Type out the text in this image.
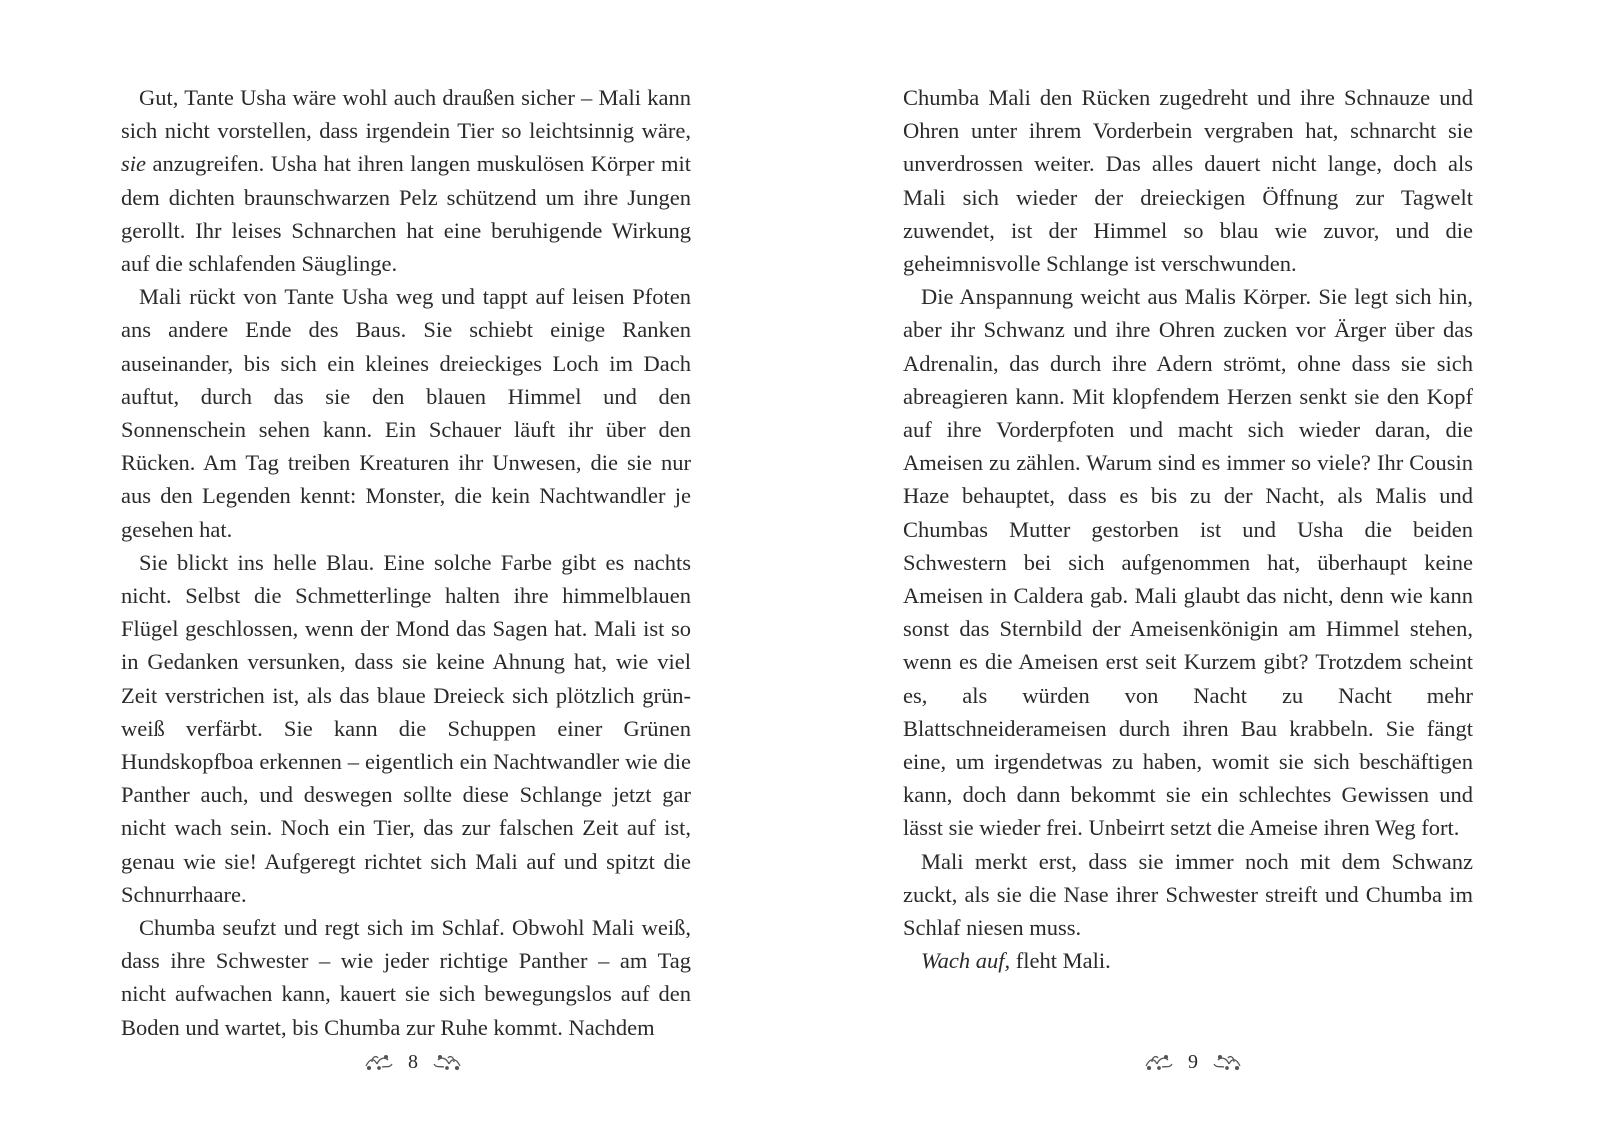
Gut, Tante Usha wäre wohl auch draußen sicher – Mali kann sich nicht vorstellen, dass irgendein Tier so leichtsinnig wäre, sie anzugreifen. Usha hat ihren langen muskulösen Körper mit dem dichten braunschwarzen Pelz schützend um ihre Jungen gerollt. Ihr leises Schnarchen hat eine beruhigende Wirkung auf die schlafenden Säuglinge.

Mali rückt von Tante Usha weg und tappt auf leisen Pfoten ans andere Ende des Baus. Sie schiebt einige Ranken auseinander, bis sich ein kleines dreieckiges Loch im Dach auftut, durch das sie den blauen Himmel und den Sonnenschein sehen kann. Ein Schauer läuft ihr über den Rücken. Am Tag treiben Kreaturen ihr Unwesen, die sie nur aus den Legenden kennt: Monster, die kein Nachtwandler je gesehen hat.

Sie blickt ins helle Blau. Eine solche Farbe gibt es nachts nicht. Selbst die Schmetterlinge halten ihre himmelblauen Flügel geschlossen, wenn der Mond das Sagen hat. Mali ist so in Gedanken versunken, dass sie keine Ahnung hat, wie viel Zeit verstrichen ist, als das blaue Dreieck sich plötzlich grün-weiß verfärbt. Sie kann die Schuppen einer Grünen Hundskopfboa erkennen – eigentlich ein Nachtwandler wie die Panther auch, und deswegen sollte diese Schlange jetzt gar nicht wach sein. Noch ein Tier, das zur falschen Zeit auf ist, genau wie sie! Aufgeregt richtet sich Mali auf und spitzt die Schnurrhaare.

Chumba seufzt und regt sich im Schlaf. Obwohl Mali weiß, dass ihre Schwester – wie jeder richtige Panther – am Tag nicht aufwachen kann, kauert sie sich bewegungslos auf den Boden und wartet, bis Chumba zur Ruhe kommt. Nachdem

Chumba Mali den Rücken zugedreht und ihre Schnauze und Ohren unter ihrem Vorderbein vergraben hat, schnarcht sie unverdrossen weiter. Das alles dauert nicht lange, doch als Mali sich wieder der dreieckigen Öffnung zur Tagwelt zuwendet, ist der Himmel so blau wie zuvor, und die geheimnisvolle Schlange ist verschwunden.

Die Anspannung weicht aus Malis Körper. Sie legt sich hin, aber ihr Schwanz und ihre Ohren zucken vor Ärger über das Adrenalin, das durch ihre Adern strömt, ohne dass sie sich abreagieren kann. Mit klopfendem Herzen senkt sie den Kopf auf ihre Vorderpfoten und macht sich wieder daran, die Ameisen zu zählen. Warum sind es immer so viele? Ihr Cousin Haze behauptet, dass es bis zu der Nacht, als Malis und Chumbas Mutter gestorben ist und Usha die beiden Schwestern bei sich aufgenommen hat, überhaupt keine Ameisen in Caldera gab. Mali glaubt das nicht, denn wie kann sonst das Sternbild der Ameisenkönigin am Himmel stehen, wenn es die Ameisen erst seit Kurzem gibt? Trotzdem scheint es, als würden von Nacht zu Nacht mehr Blattschneiderameisen durch ihren Bau krabbeln. Sie fängt eine, um irgendetwas zu haben, womit sie sich beschäftigen kann, doch dann bekommt sie ein schlechtes Gewissen und lässt sie wieder frei. Unbeirrt setzt die Ameise ihren Weg fort.

Mali merkt erst, dass sie immer noch mit dem Schwanz zuckt, als sie die Nase ihrer Schwester streift und Chumba im Schlaf niesen muss.

Wach auf, fleht Mali.

8	9
